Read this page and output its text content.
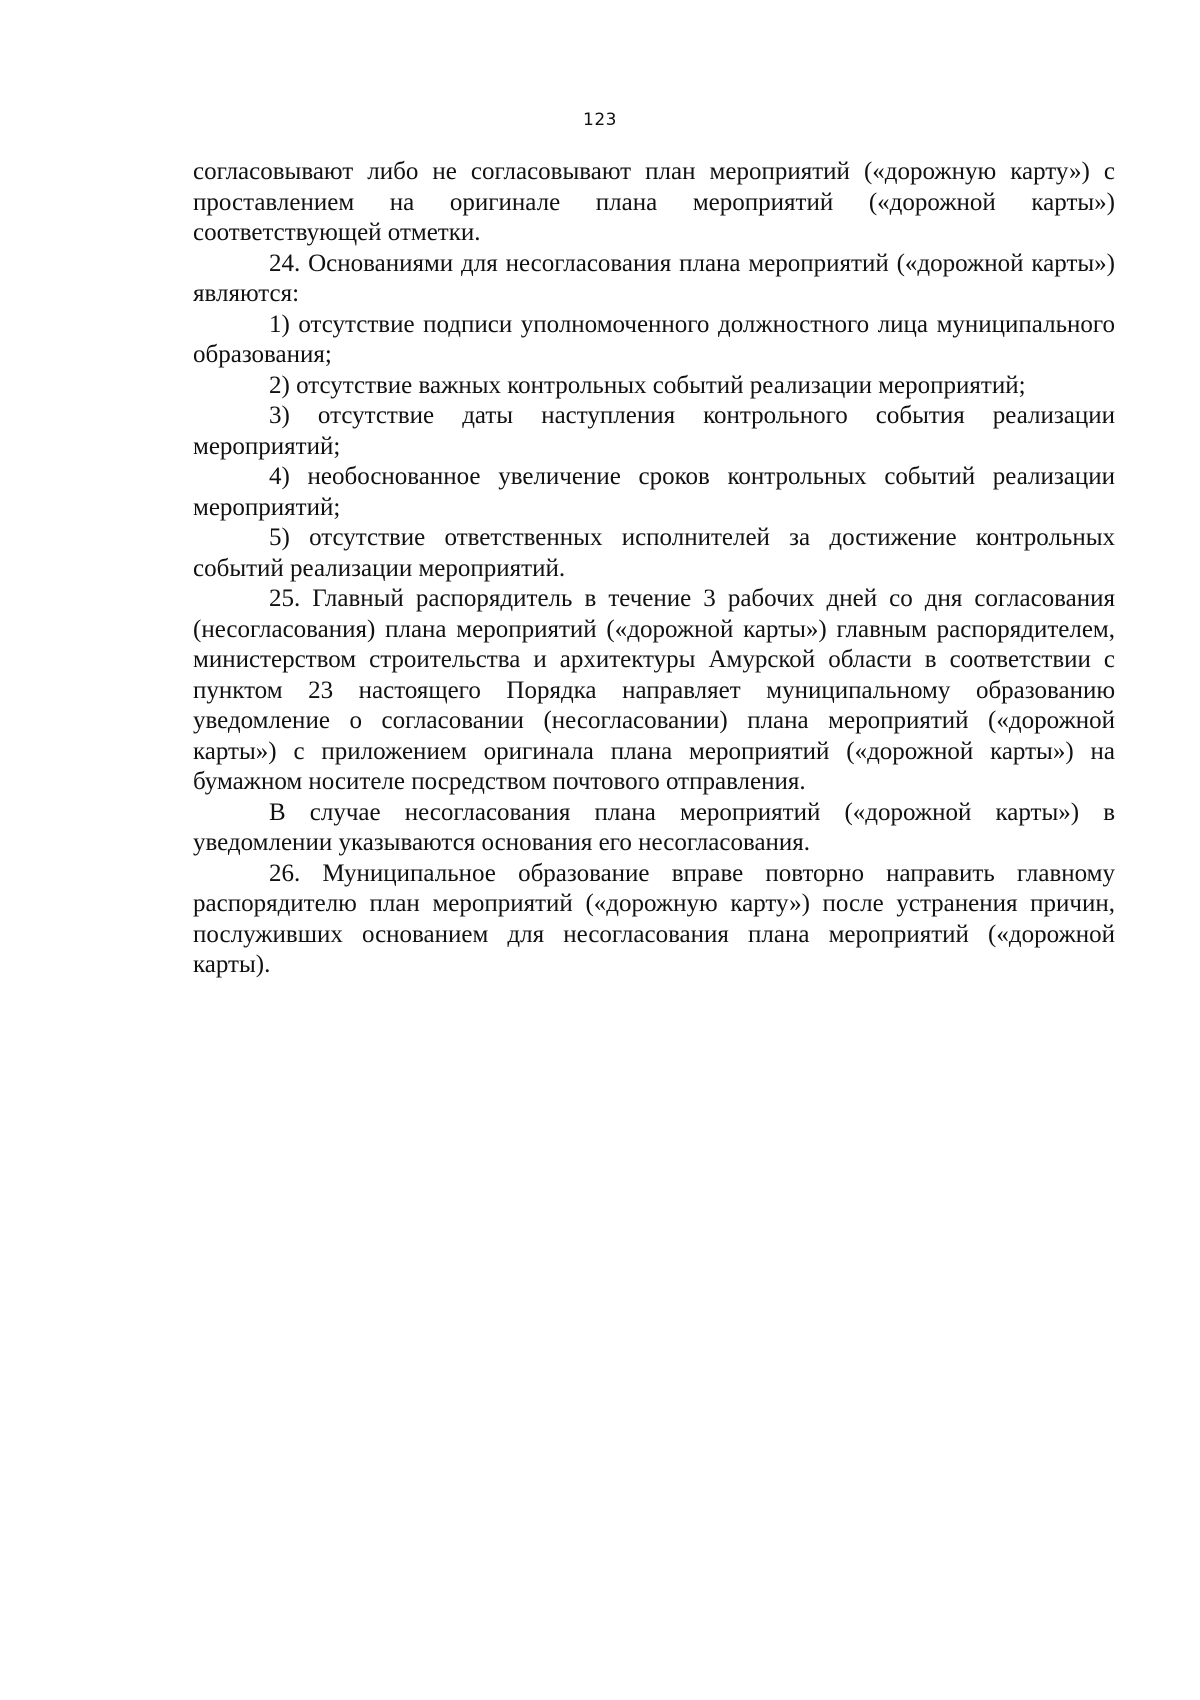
123

согласовывают либо не согласовывают план мероприятий («дорожную карту») с проставлением на оригинале плана мероприятий («дорожной карты») соответствующей отметки.

24. Основаниями для несогласования плана мероприятий («дорожной карты») являются:

1) отсутствие подписи уполномоченного должностного лица муниципального образования;

2) отсутствие важных контрольных событий реализации мероприятий;

3) отсутствие даты наступления контрольного события реализации мероприятий;

4) необоснованное увеличение сроков контрольных событий реализации мероприятий;

5) отсутствие ответственных исполнителей за достижение контрольных событий реализации мероприятий.

25. Главный распорядитель в течение 3 рабочих дней со дня согласования (несогласования) плана мероприятий («дорожной карты») главным распорядителем, министерством строительства и архитектуры Амурской области в соответствии с пунктом 23 настоящего Порядка направляет муниципальному образованию уведомление о согласовании (несогласовании) плана мероприятий («дорожной карты») с приложением оригинала плана мероприятий («дорожной карты») на бумажном носителе посредством почтового отправления.

В случае несогласования плана мероприятий («дорожной карты») в уведомлении указываются основания его несогласования.

26. Муниципальное образование вправе повторно направить главному распорядителю план мероприятий («дорожную карту») после устранения причин, послуживших основанием для несогласования плана мероприятий («дорожной карты).
